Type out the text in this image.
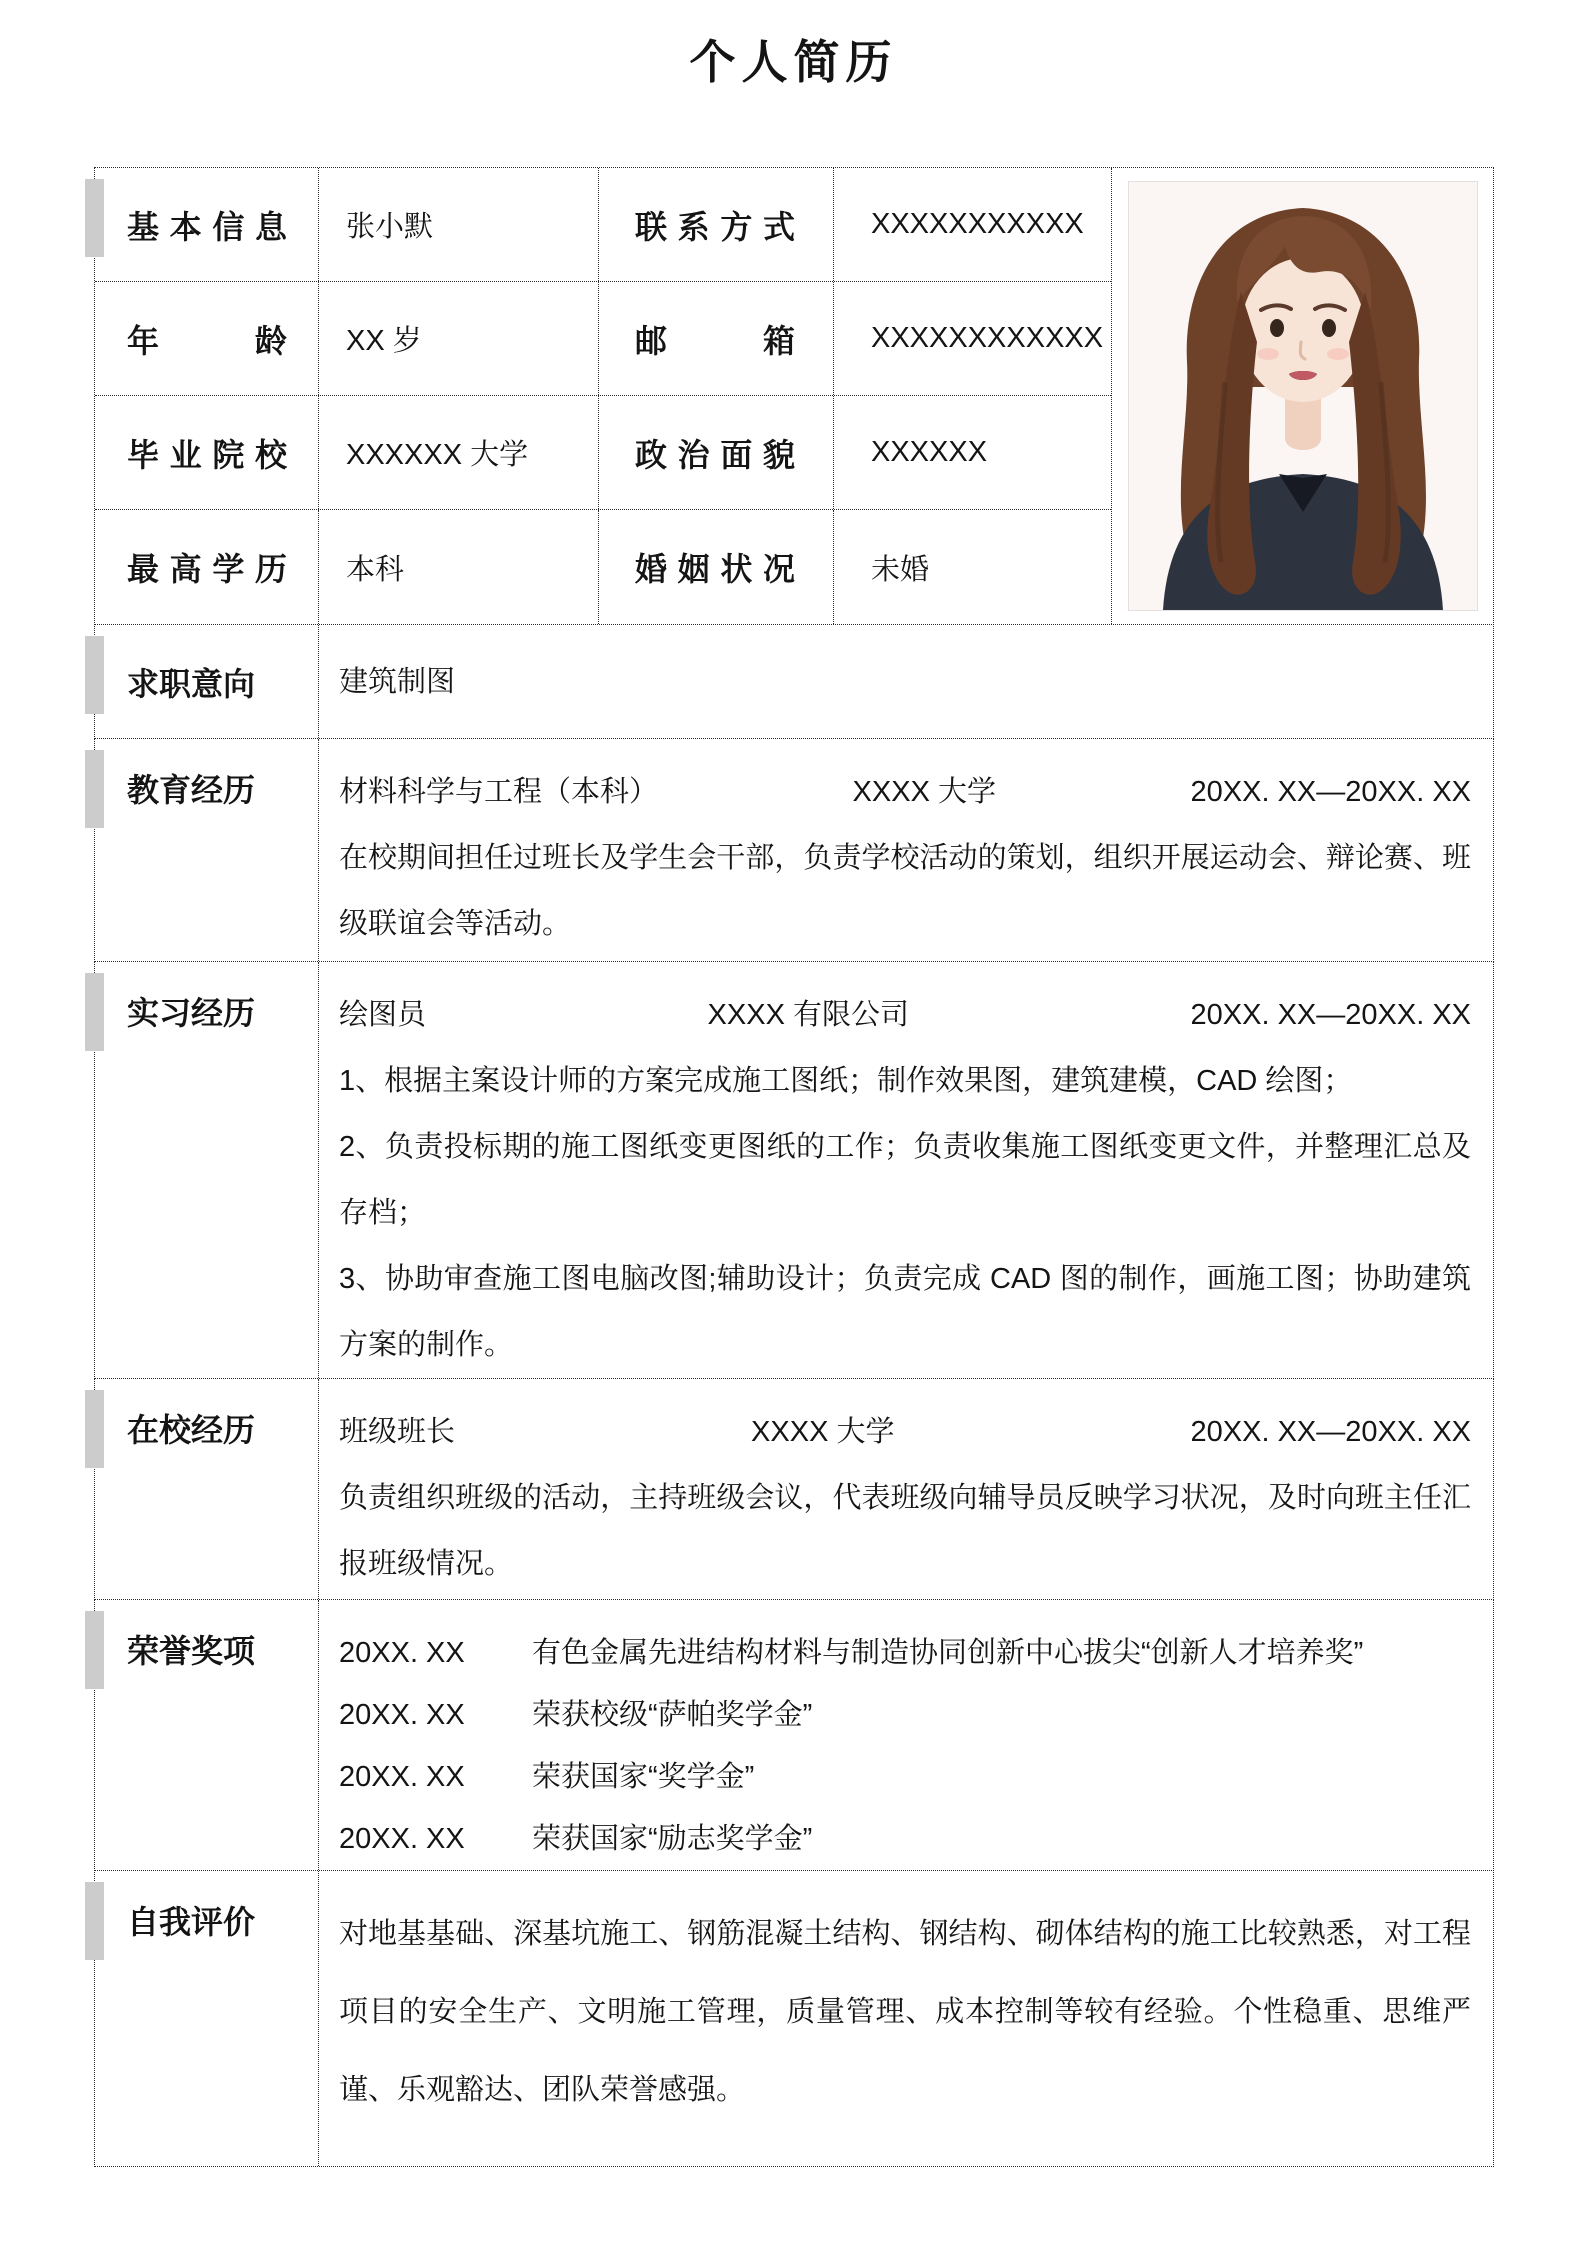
个人简历
基本信息	张小默	联系方式	XXXXXXXXXXX
年龄	XX 岁	邮箱	XXXXXXXXXXXX
毕业院校	XXXXXX 大学	政治面貌	XXXXXX
最高学历	本科	婚姻状况	未婚
求职意向	建筑制图
教育经历	材料科学与工程（本科）	XXXX 大学	20XX. XX—20XX. XX

在校期间担任过班长及学生会干部，负责学校活动的策划，组织开展运动会、辩论赛、班级联谊会等活动。

实习经历	绘图员	XXXX 有限公司	20XX. XX—20XX. XX

1、根据主案设计师的方案完成施工图纸；制作效果图，建筑建模，CAD 绘图；

2、负责投标期的施工图纸变更图纸的工作；负责收集施工图纸变更文件，并整理汇总及存档；

3、协助审查施工图电脑改图;辅助设计；负责完成 CAD 图的制作，画施工图；协助建筑方案的制作。

在校经历	班级班长	XXXX 大学	20XX. XX—20XX. XX

负责组织班级的活动，主持班级会议，代表班级向辅导员反映学习状况，及时向班主任汇报班级情况。

荣誉奖项	20XX. XX	有色金属先进结构材料与制造协同创新中心拔尖“创新人才培养奖”
20XX. XX	荣获校级“萨帕奖学金”
20XX. XX	荣获国家“奖学金”
20XX. XX	荣获国家“励志奖学金”
自我评价	对地基基础、深基坑施工、钢筋混凝土结构、钢结构、砌体结构的施工比较熟悉，对工程项目的安全生产、文明施工管理，质量管理、成本控制等较有经验。个性稳重、思维严谨、乐观豁达、团队荣誉感强。
